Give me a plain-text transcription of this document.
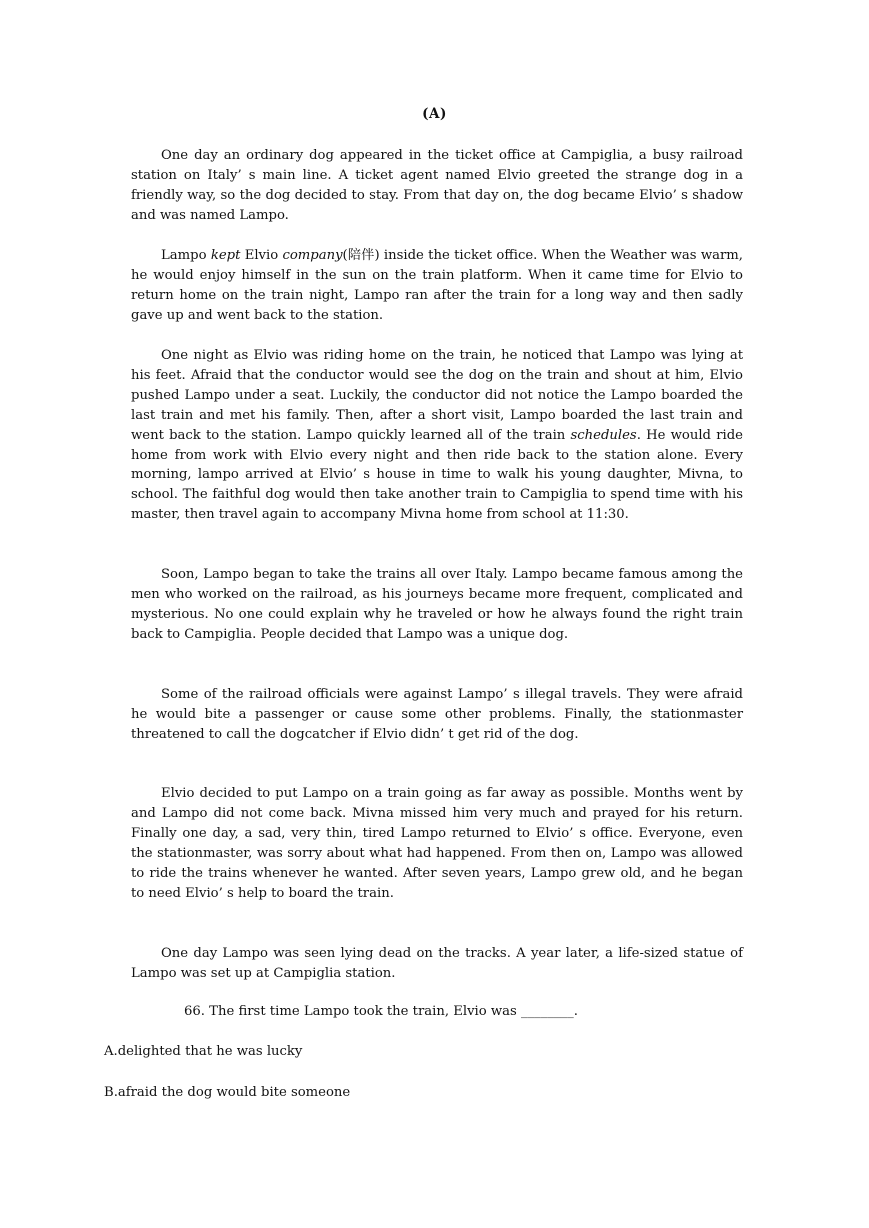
(A)
One day an ordinary dog appeared in the ticket office at Campiglia, a busy railroad station on Italy’ s main line. A ticket agent named Elvio greeted the strange dog in a friendly way, so the dog decided to stay. From that day on, the dog became Elvio’ s shadow and was named Lampo.
Lampo kept Elvio company(陪伴) inside the ticket office. When the Weather was warm, he would enjoy himself in the sun on the train platform. When it came time for Elvio to return home on the train night, Lampo ran after the train for a long way and then sadly gave up and went back to the station.
One night as Elvio was riding home on the train, he noticed that Lampo was lying at his feet. Afraid that the conductor would see the dog on the train and shout at him, Elvio pushed Lampo under a seat. Luckily, the conductor did not notice the Lampo boarded the last train and met his family. Then, after a short visit, Lampo boarded the last train and went back to the station. Lampo quickly learned all of the train schedules. He would ride home from work with Elvio every night and then ride back to the station alone. Every morning, lampo arrived at Elvio’ s house in time to walk his young daughter, Mivna, to school. The faithful dog would then take another train to Campiglia to spend time with his master, then travel again to accompany Mivna home from school at 11:30.
Soon, Lampo began to take the trains all over Italy. Lampo became famous among the men who worked on the railroad, as his journeys became more frequent, complicated and mysterious. No one could explain why he traveled or how he always found the right train back to Campiglia. People decided that Lampo was a unique dog.
Some of the railroad officials were against Lampo’ s illegal travels. They were afraid he would bite a passenger or cause some other problems. Finally, the stationmaster threatened to call the dogcatcher if Elvio didn’ t get rid of the dog.
Elvio decided to put Lampo on a train going as far away as possible. Months went by and Lampo did not come back. Mivna missed him very much and prayed for his return. Finally one day, a sad, very thin, tired Lampo returned to Elvio’ s office. Everyone, even the stationmaster, was sorry about what had happened. From then on, Lampo was allowed to ride the trains whenever he wanted. After seven years, Lampo grew old, and he began to need Elvio’ s help to board the train.
One day Lampo was seen lying dead on the tracks. A year later, a life-sized statue of Lampo was set up at Campiglia station.
66. The first time Lampo took the train, Elvio was ________.
A.delighted that he was lucky
B.afraid the dog would bite someone
